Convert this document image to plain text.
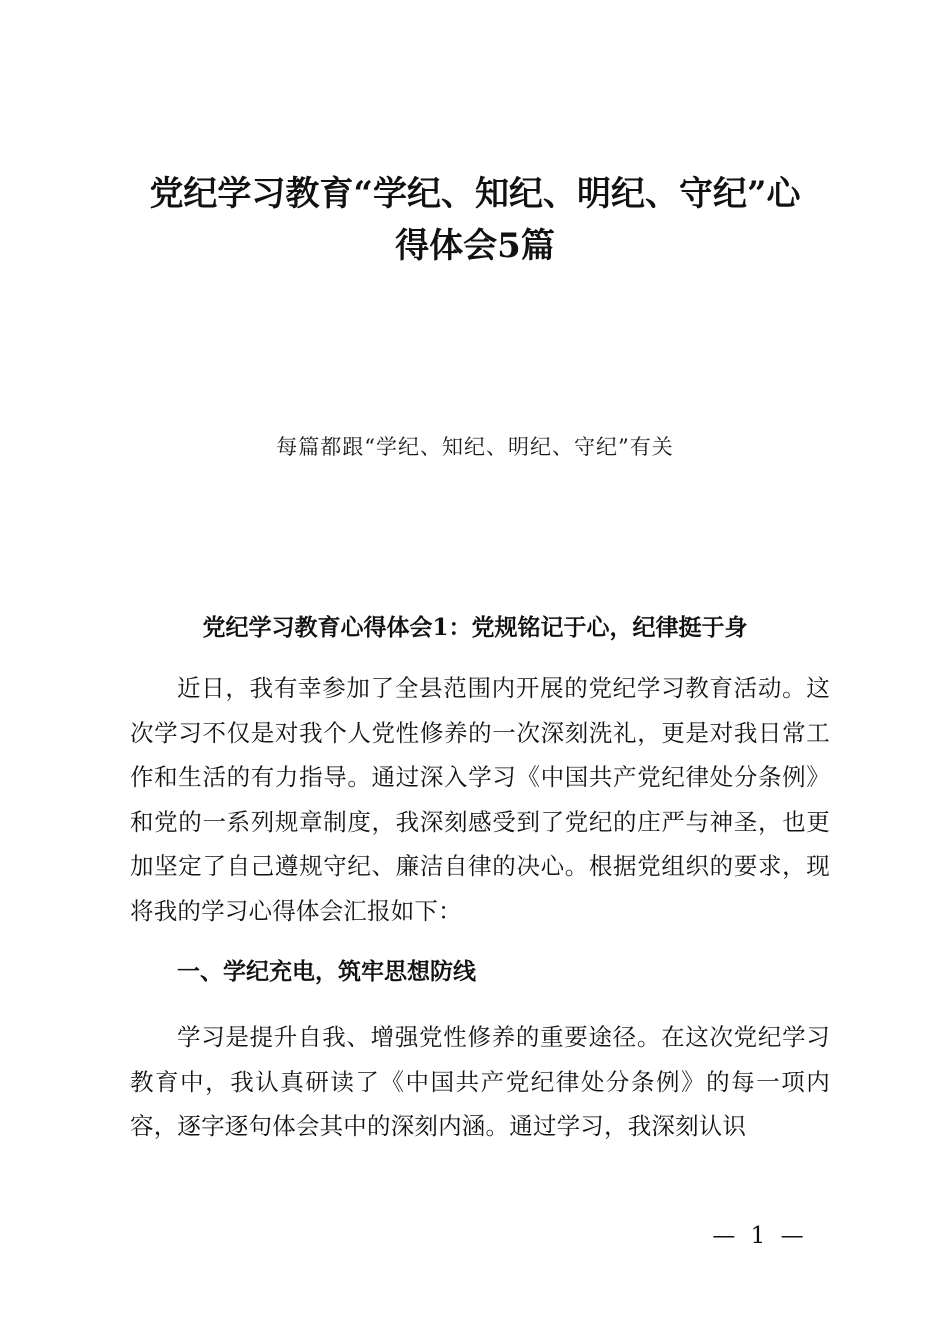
党纪学习教育“学纪、知纪、明纪、守纪”心
得体会5篇
每篇都跟“学纪、知纪、明纪、守纪”有关
党纪学习教育心得体会1：党规铭记于心，纪律挺于身

近日，我有幸参加了全县范围内开展的党纪学习教育活动。这次学习不仅是对我个人党性修养的一次深刻洗礼，更是对我日常工作和生活的有力指导。通过深入学习《中国共产党纪律处分条例》和党的一系列规章制度，我深刻感受到了党纪的庄严与神圣，也更加坚定了自己遵规守纪、廉洁自律的决心。根据党组织的要求，现将我的学习心得体会汇报如下：

一、学纪充电，筑牢思想防线

学习是提升自我、增强党性修养的重要途径。在这次党纪学习教育中，我认真研读了《中国共产党纪律处分条例》的每一项内容，逐字逐句体会其中的深刻内涵。通过学习，我深刻认识

— 1 —
